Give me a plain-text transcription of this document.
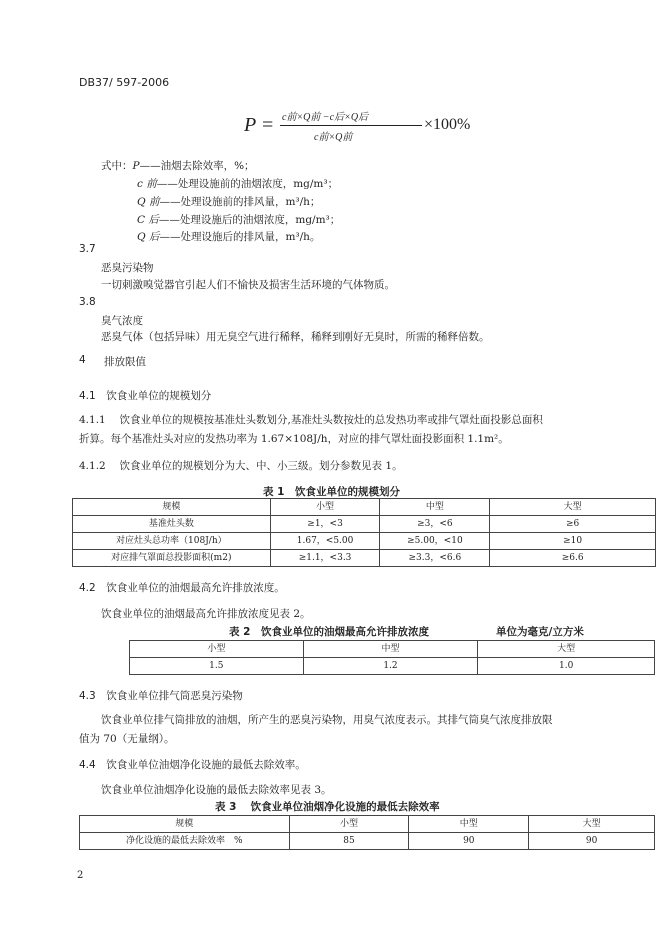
DB37/ 597-2006
P = c前×Q前 −c后×Q后
c前×Q前
×100%
式中：P——油烟去除效率，%；
c 前——处理设施前的油烟浓度，mg/m³；
Q 前——处理设施前的排风量，m³/h；
C 后——处理设施后的油烟浓度，mg/m³；
Q 后——处理设施后的排风量，m³/h。
3.7
恶臭污染物
一切刺激嗅觉器官引起人们不愉快及损害生活环境的气体物质。
3.8
臭气浓度
恶臭气体（包括异味）用无臭空气进行稀释，稀释到刚好无臭时，所需的稀释倍数。
4 排放限值
4.1　饮食业单位的规模划分
4.1.1　 饮食业单位的规模按基准灶头数划分,基准灶头数按灶的总发热功率或排气罩灶面投影总面积
折算。每个基准灶头对应的发热功率为 1.67×108J/h，对应的排气罩灶面投影面积 1.1m²。
4.1.2　 饮食业单位的规模划分为大、中、小三级。划分参数见表 1。
表 1　饮食业单位的规模划分
规模	小型	中型	大型
基准灶头数	≥1，<3	≥3，<6	≥6
对应灶头总功率（108J/h）	1.67，<5.00	≥5.00，<10	≥10
对应排气罩面总投影面积(m2)	≥1.1，<3.3	≥3.3，<6.6	≥6.6
4.2　饮食业单位的油烟最高允许排放浓度。
饮食业单位的油烟最高允许排放浓度见表 2。
表 2　饮食业单位的油烟最高允许排放浓度	单位为毫克/立方米
小型	中型	大型
1.5	1.2	1.0
4.3　饮食业单位排气筒恶臭污染物
饮食业单位排气筒排放的油烟，所产生的恶臭污染物，用臭气浓度表示。其排气筒臭气浓度排放限
值为 70（无量纲）。
4.4　饮食业单位油烟净化设施的最低去除效率。
饮食业单位油烟净化设施的最低去除效率见表 3。
表 3　 饮食业单位油烟净化设施的最低去除效率
规模	小型	中型	大型
净化设施的最低去除效率　%	85	90	90
2
